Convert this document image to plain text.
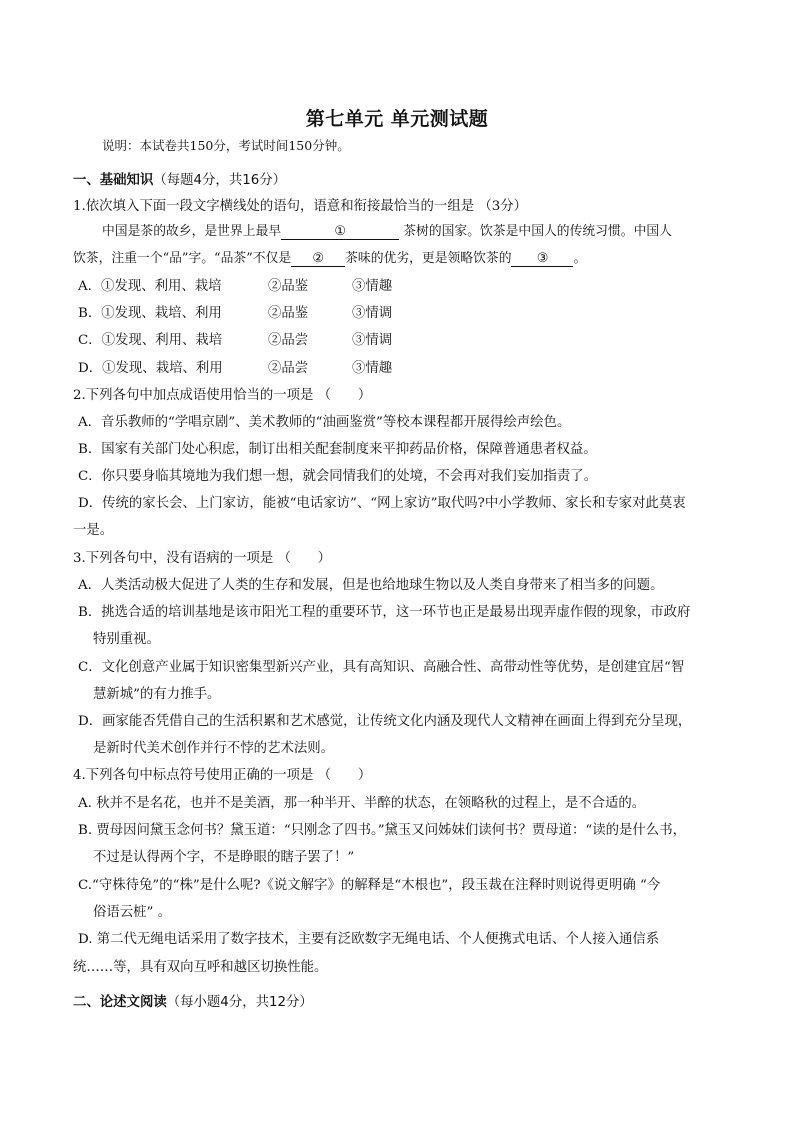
第七单元 单元测试题
说明：本试卷共150分，考试时间150分钟。
一、基础知识（每题4分，共16分）
1.依次填入下面一段文字横线处的语句，语意和衔接最恰当的一组是 （3分）
中国是茶的故乡，是世界上最早	①	茶树的国家。饮茶是中国人的传统习惯。中国人
饮茶，注重一个“品”字。“品茶”不仅是 ② 茶味的优劣，更是领略饮茶的 ③ 。
A．①发现、利用、栽培	②品鉴	③情趣
B．①发现、栽培、利用	②品鉴	③情调
C．①发现、利用、栽培	②品尝	③情调
D．①发现、栽培、利用	②品尝	③情趣
2.下列各句中加点成语使用恰当的一项是 （　　）
A．音乐教师的“学唱京剧”、美术教师的“油画鉴赏”等校本课程都开展得绘声绘色。
B．国家有关部门处心积虑，制订出相关配套制度来平抑药品价格，保障普通患者权益。
C．你只要身临其境地为我们想一想，就会同情我们的处境，不会再对我们妄加指责了。
D．传统的家长会、上门家访，能被“电话家访”、“网上家访”取代吗?中小学教师、家长和专家对此莫衷
一是。
3.下列各句中，没有语病的一项是 （　　）
A．人类活动极大促进了人类的生存和发展，但是也给地球生物以及人类自身带来了相当多的问题。
B．挑选合适的培训基地是该市阳光工程的重要环节，这一环节也正是最易出现弄虚作假的现象，市政府
特别重视。
C．文化创意产业属于知识密集型新兴产业，具有高知识、高融合性、高带动性等优势，是创建宜居“智
慧新城”的有力推手。
D．画家能否凭借自己的生活积累和艺术感觉，让传统文化内涵及现代人文精神在画面上得到充分呈现，
是新时代美术创作并行不悖的艺术法则。
4.下列各句中标点符号使用正确的一项是 （　　）
A. 秋并不是名花，也并不是美酒，那一种半开、半醉的状态，在领略秋的过程上，是不合适的。
B. 贾母因问黛玉念何书？黛玉道：“只刚念了四书。”黛玉又问姊妹们读何书？贾母道：“读的是什么书，
不过是认得两个字，不是睁眼的瞎子罢了！”
C.“守株待兔”的“株”是什么呢?《说文解字》的解释是“木根也”，段玉裁在注释时则说得更明确 “今
俗语云桩” 。
D. 第二代无绳电话采用了数字技术，主要有泛欧数字无绳电话、个人便携式电话、个人接入通信系
统……等，具有双向互呼和越区切换性能。
二、论述文阅读（每小题4分，共12分）
